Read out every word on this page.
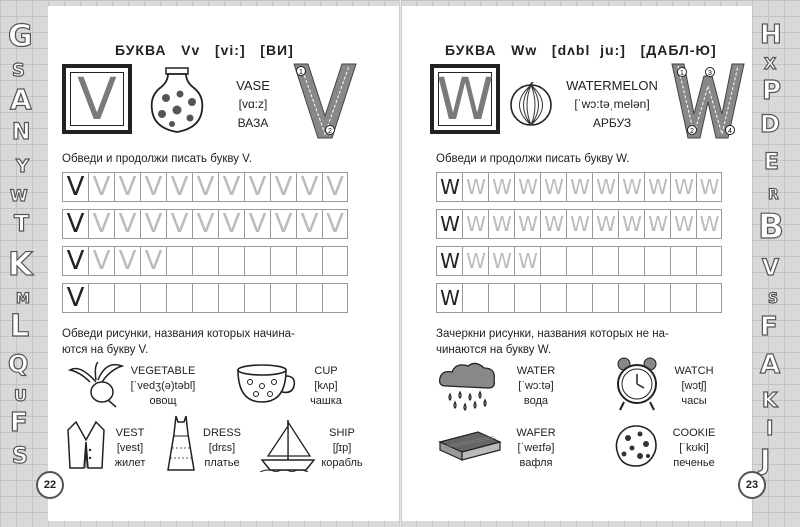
G
S
A
N
Y
W
T
K
M
L
Q
U
F
S
H
X
P
D
E
R
B
V
S
F
A
K
I
J
БУКВА   Vv   [vi:]   [ВИ]
V	VASE
[vɑ:z]
ВАЗА
1
2
Обведи и продолжи писать букву V.
V V V V V V V V V V V
V V V V V V V V V V V
V V V V
V
Обведи рисунки, названия которых начина-
ются на букву V.
VEGETABLE
[ˈvedʒ(ə)təbl]
овощ
CUP
[kʌp]
чашка
VEST
[vest]
жилет
DRESS
[drɛs]
платье
SHIP
[ʃɪp]
корабль
22
БУКВА   Ww   [dʌbl  ju:]   [ДАБЛ-Ю]
W	WATERMELON
[ˈwɔ:təˌmelən]
АРБУЗ
1
2
3
4
Обведи и продолжи писать букву W.
W W W W W W W W W W W
W W W W W W W W W W W
W W W W
W
Зачеркни рисунки, названия которых не на-
чинаются на букву W.
WATER
[ˈwɔ:tə]
вода
WATCH
[wɔtʃ]
часы
WAFER
[ˈweɪfə]
вафля
COOKIE
[ˈkʊki]
печенье
23
